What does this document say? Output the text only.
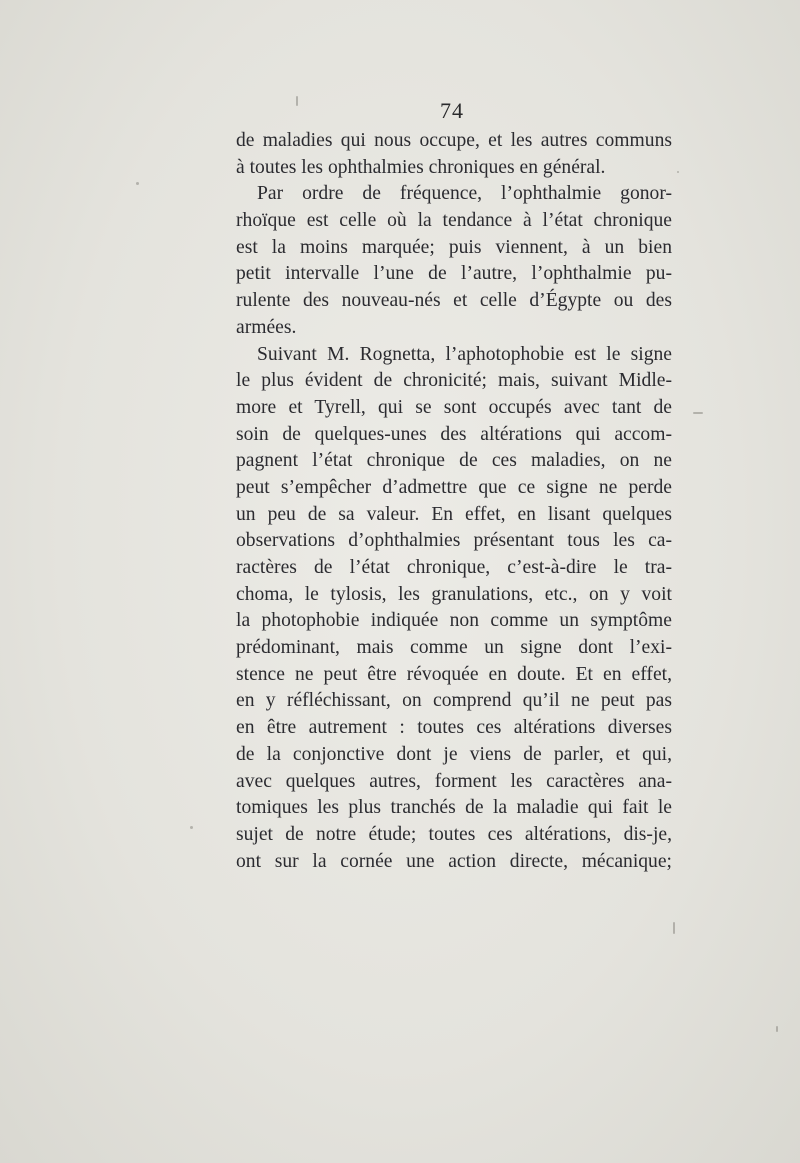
74
de maladies qui nous occupe, et les autres communs
à toutes les ophthalmies chroniques en général.
Par ordre de fréquence, l’ophthalmie gonor-
rhoïque est celle où la tendance à l’état chronique
est la moins marquée; puis viennent, à un bien
petit intervalle l’une de l’autre, l’ophthalmie pu-
rulente des nouveau-nés et celle d’Égypte ou des
armées.
Suivant M. Rognetta, l’aphotophobie est le signe
le plus évident de chronicité; mais, suivant Midle-
more et Tyrell, qui se sont occupés avec tant de
soin de quelques-unes des altérations qui accom-
pagnent l’état chronique de ces maladies, on ne
peut s’empêcher d’admettre que ce signe ne perde
un peu de sa valeur. En effet, en lisant quelques
observations d’ophthalmies présentant tous les ca-
ractères de l’état chronique, c’est-à-dire le tra-
choma, le tylosis, les granulations, etc., on y voit
la photophobie indiquée non comme un symptôme
prédominant, mais comme un signe dont l’exi-
stence ne peut être révoquée en doute. Et en effet,
en y réfléchissant, on comprend qu’il ne peut pas
en être autrement : toutes ces altérations diverses
de la conjonctive dont je viens de parler, et qui,
avec quelques autres, forment les caractères ana-
tomiques les plus tranchés de la maladie qui fait le
sujet de notre étude; toutes ces altérations, dis-je,
ont sur la cornée une action directe, mécanique;
